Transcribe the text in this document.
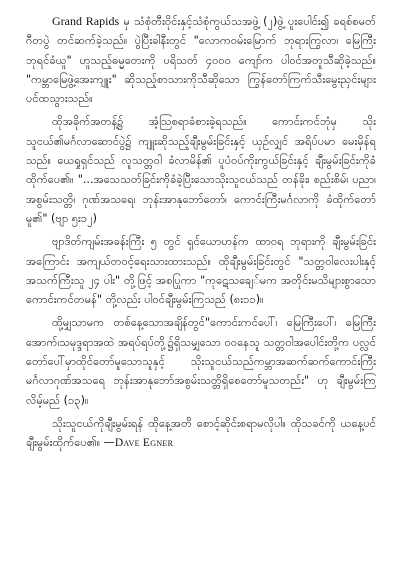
Grand Rapids မှ သံစုံတီးဝိုင်းနှင့်သံစုံကွယ်သအဖွဲ့ (၂)ဖွဲ့ ပူးပေါင်း၍ ခရစ်စမတ်ဂီတပွဲ တင်ဆက်ခဲ့သည်။ ပွဲပြီးခါနီးတွင် "လောကဝမ်းမြောက် ဘုရားကြွလာ၊ မြေကြီးဘုရင်ခံယူ" ဟူသည့်ဓမ္မတေးကို ပရိသတ် ၄၀၀၀ ကျော်က ပါဝင်အတူသီဆိုခဲ့သည်။ "ကမ္ဘာမြေဖွဲ့အေးကျူး" ဆိုသည့်စာသားကိုသီဆိုသော ကြွန်တော်ကြက်သီးမွေးညှင်းများပင်ထသွားသည်။

ထိုအခိုက်အတန့်၌ အံ့ဩစရာခံစားခဲ့ရသည်။ ကောင်းကင်ဘုံမှ သိုးသူငယ်၏မင်္ဂလာဆောင်ပွဲ၌ ကျူးဆိုသည့်ချီးမွမ်းခြင်းနှင့် ယှဉ်လျှင် အရိပ်ပမာ မေးမှိန်ရသည်။ ယေရှုရှင်သည် လူသတ္တဝါ ခံလာမိန်၏ ပူပံဝပ်ကိုးကွယ်ခြင်းနှင့် ချီးမွမ်းခြင်းကိုခံထိုက်ပေ၏။ "...အသေသတ်ခြင်းကိုခံခဲ့ပြီးသောသိုးသူငယ်သည် တန်ခိုး၊ စည်းစိမ်၊ ပညာ၊ အစွမ်းသတ္တိ၊ ဂုဏ်အသရေ၊ ဘုန်းအာနုဘော်တော်၊ ကောင်းကြီးမင်္ဂလာကို ခံထိုက်တော်မူ၏" (ဗျာ ၅း၁၂)

ဗျာဒိတ်ကျမ်းအခန်းကြီး ၅ တွင် ရှင်ယောဟန်က ထာဝရ ဘုရားကို ချီးမွမ်းခြင်းအကြောင်း အကျယ်တဝင့်ရေးသားထားသည်။ ထိုချီးမွမ်းခြင်းတွင် "သတ္တဝါလေးပါးနှင့်အသက်ကြီးသူ ၂၄ ပါး" တို့ဖြင့် အစပြုကာ "ကုဋေသချေ်မက အတိုင်းမသိများစွာသော ကောင်းကင်တမန်" တို့လည်း ပါဝင်ချီးမွမ်းကြသည် (၈း၁၁)။

ထို့မျှသာမက တစ်နေ့သောအချိန်တွင်"ကောင်းကင်ပေါ်၊ မြေကြီးပေါ်၊ မြေကြီးအောက်၊သမုဒ္ဒရာအထဲ အရပ်ရပ်တို့၌ရှိသမျှသော ဝဝနေသူ သတ္တဝါအပေါင်းတို့က ပလ္လင်တော်ပေါ်မှာထိုင်တော်မူသောသူနှင့် သိုးသူငယ်သည်ကမ္ဘာအဆက်ဆက်ကောင်းကြီးမင်္ဂလာဂုဏ်အသရေ ဘုန်းအာနုဘော်အစွမ်းသတ္တိရှိစေတော်မူသတည်း" ဟု ချီးမွမ်းကြလိမ့်မည် (၁၃)။

သိုးသူငယ်ကိုချီးမွမ်းရန် ထိုနေ့အတိ စောင့်ဆိုင်းစရာမလိုပါ။ ထိုသခင်ကို ယနေ့ပင်ချီးမွမ်းထိုက်ပေ၏။ —Dave Egner
